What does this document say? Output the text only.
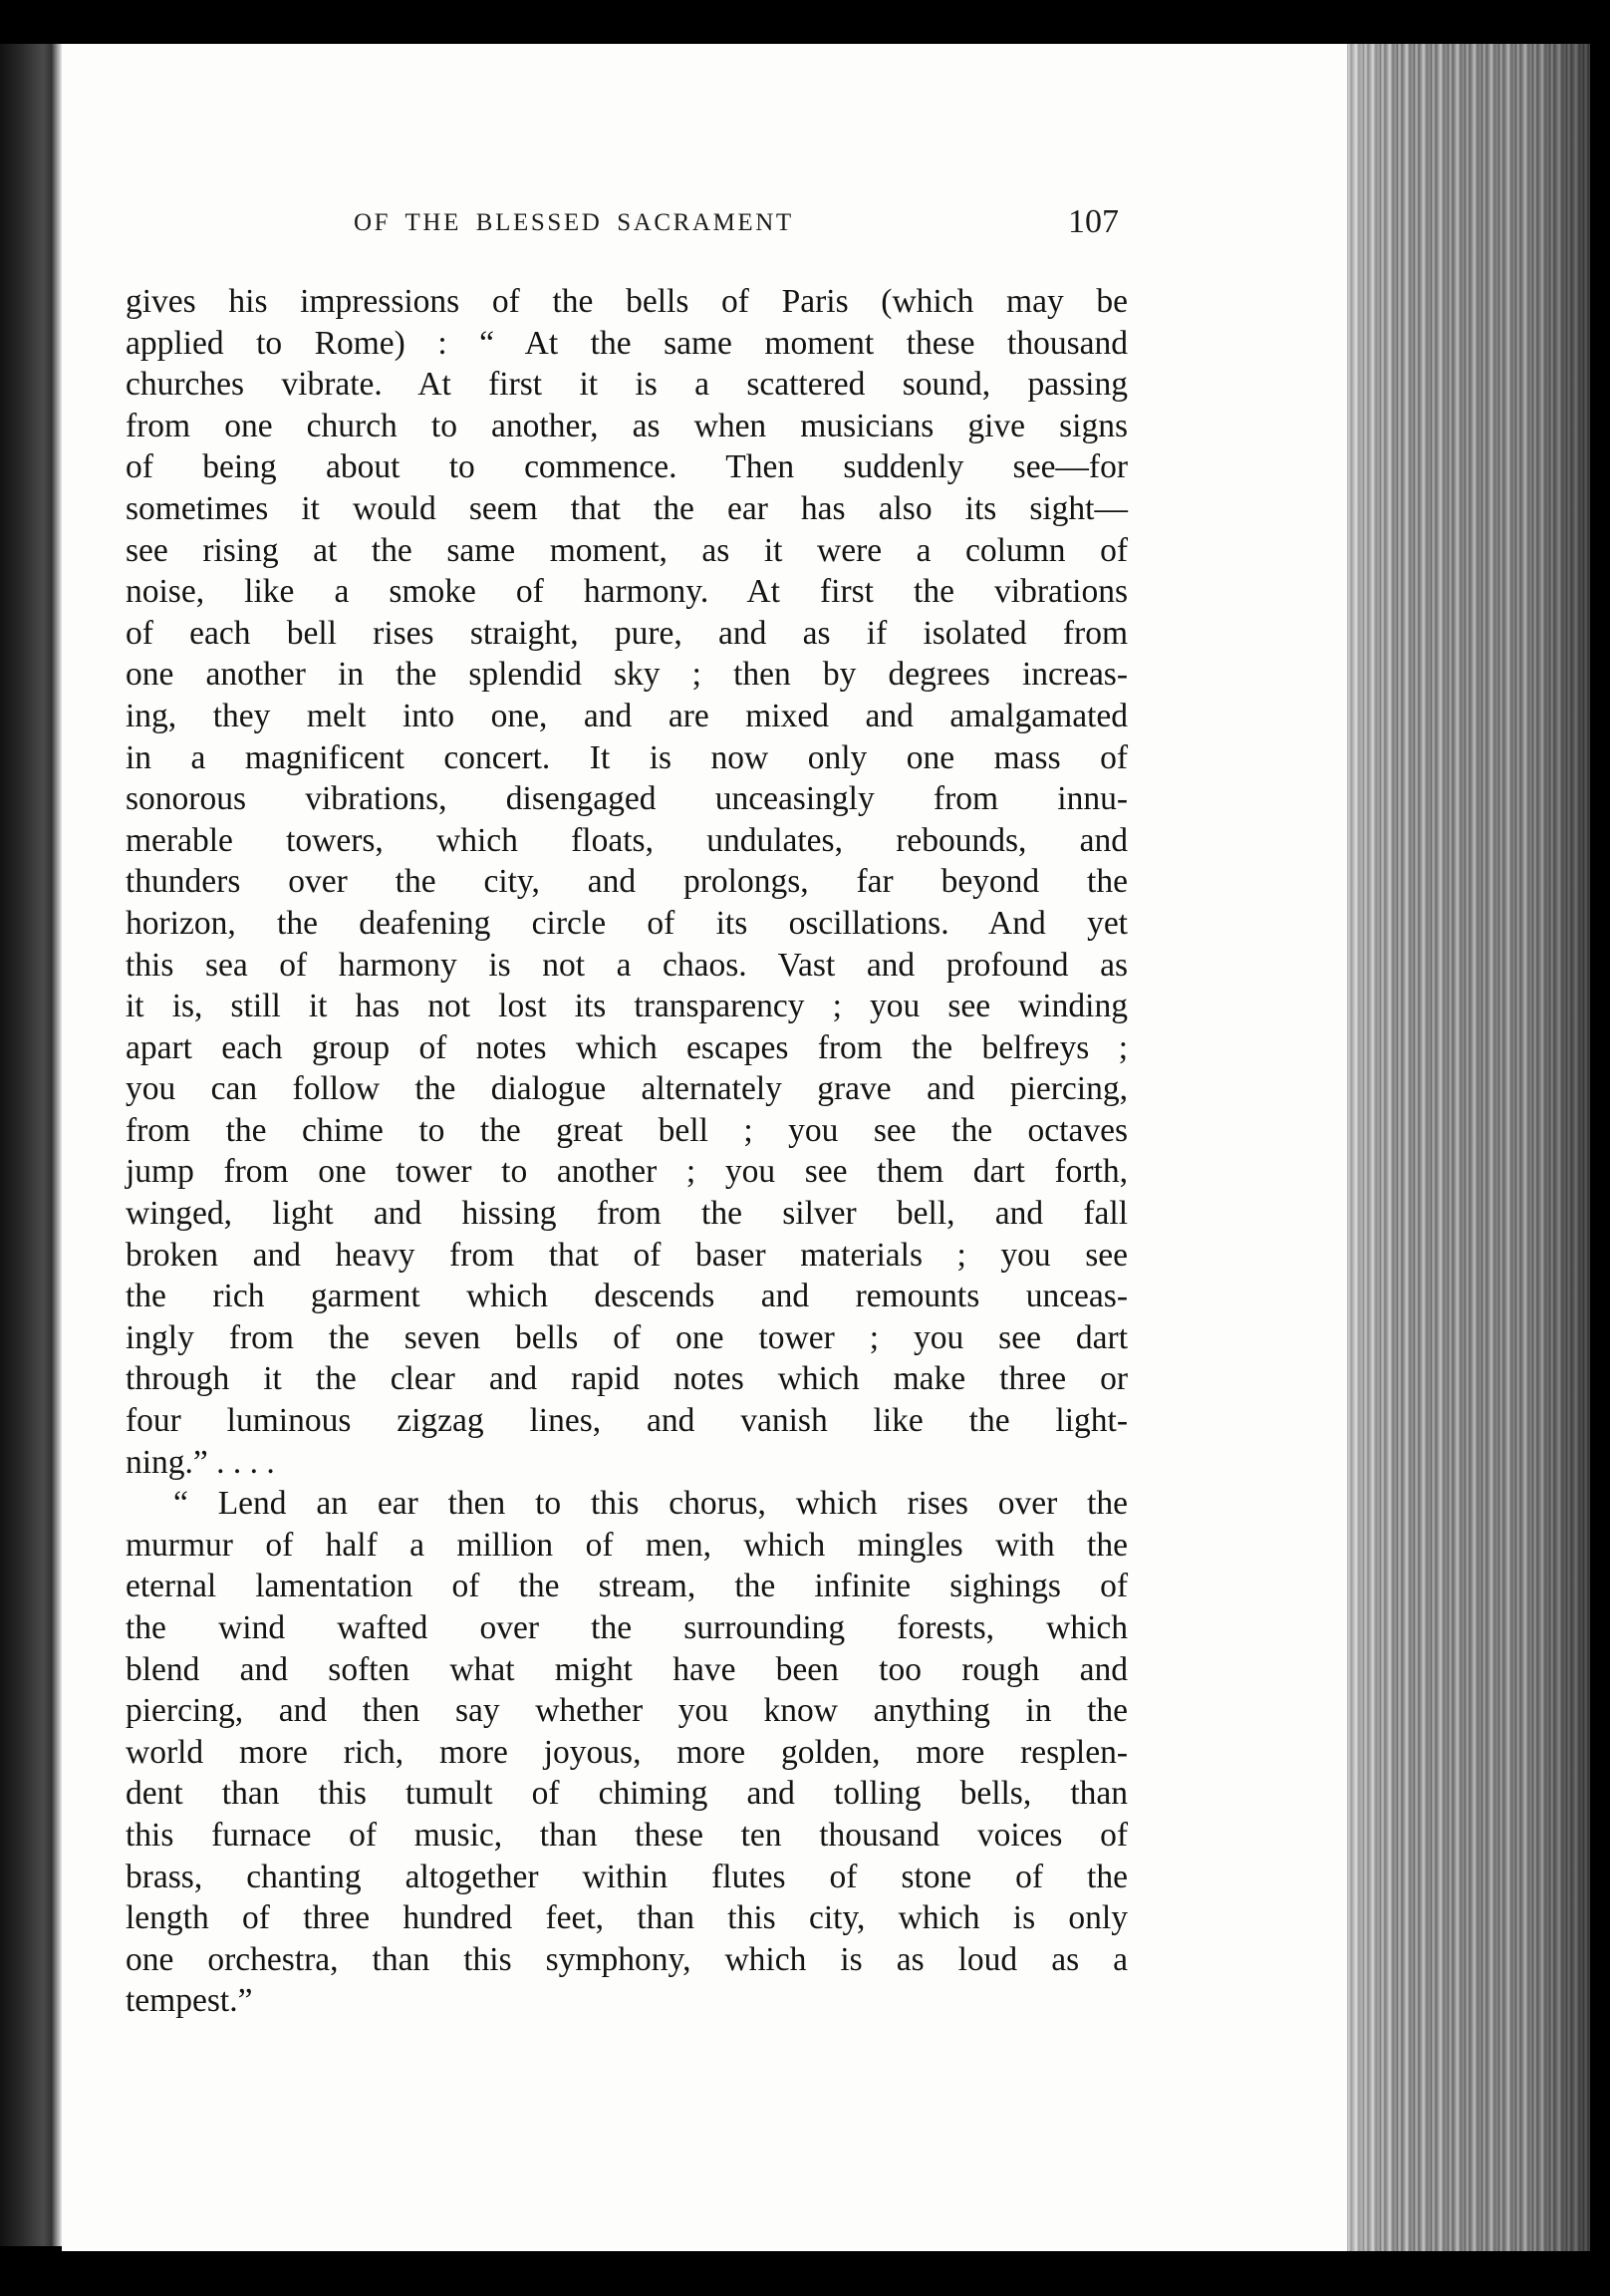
OF THE BLESSED SACRAMENT	107
gives his impressions of the bells of Paris (which may be
applied to Rome) : “ At the same moment these thousand
churches vibrate. At first it is a scattered sound, passing
from one church to another, as when musicians give signs
of being about to commence. Then suddenly see—for
sometimes it would seem that the ear has also its sight—
see rising at the same moment, as it were a column of
noise, like a smoke of harmony. At first the vibrations
of each bell rises straight, pure, and as if isolated from
one another in the splendid sky ; then by degrees increas-
ing, they melt into one, and are mixed and amalgamated
in a magnificent concert. It is now only one mass of
sonorous vibrations, disengaged unceasingly from innu-
merable towers, which floats, undulates, rebounds, and
thunders over the city, and prolongs, far beyond the
horizon, the deafening circle of its oscillations. And yet
this sea of harmony is not a chaos. Vast and profound as
it is, still it has not lost its transparency ; you see winding
apart each group of notes which escapes from the belfreys ;
you can follow the dialogue alternately grave and piercing,
from the chime to the great bell ; you see the octaves
jump from one tower to another ; you see them dart forth,
winged, light and hissing from the silver bell, and fall
broken and heavy from that of baser materials ; you see
the rich garment which descends and remounts unceas-
ingly from the seven bells of one tower ; you see dart
through it the clear and rapid notes which make three or
four luminous zigzag lines, and vanish like the light-
ning.” . . . .
“ Lend an ear then to this chorus, which rises over the
murmur of half a million of men, which mingles with the
eternal lamentation of the stream, the infinite sighings of
the wind wafted over the surrounding forests, which
blend and soften what might have been too rough and
piercing, and then say whether you know anything in the
world more rich, more joyous, more golden, more resplen-
dent than this tumult of chiming and tolling bells, than
this furnace of music, than these ten thousand voices of
brass, chanting altogether within flutes of stone of the
length of three hundred feet, than this city, which is only
one orchestra, than this symphony, which is as loud as a
tempest.”
